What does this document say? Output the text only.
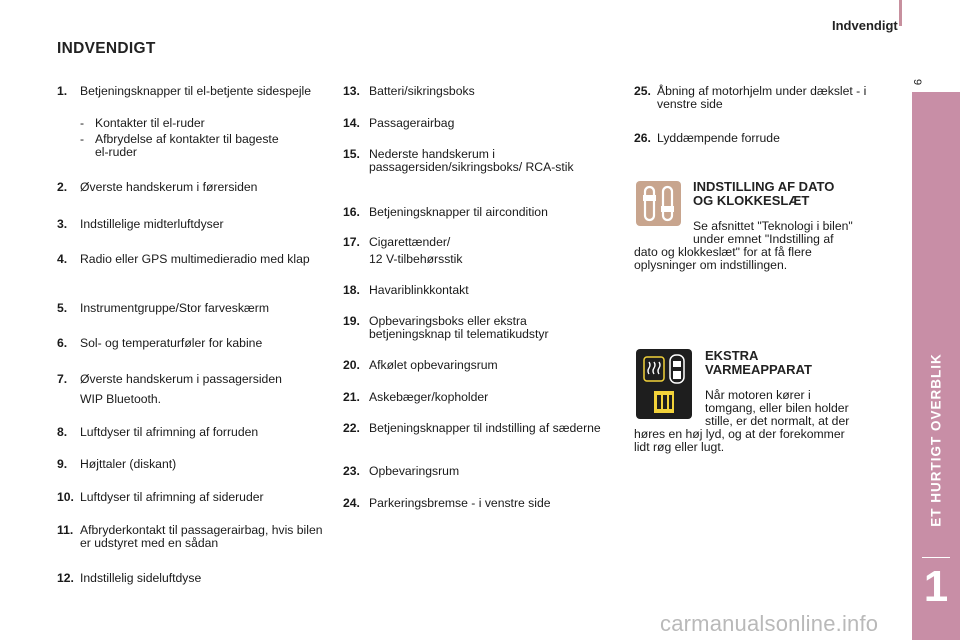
Indvendigt
9
ET HURTIGT OVERBLIK
1
INDVENDIGT
1. Betjeningsknapper til el-betjente sidespejle
- Kontakter til el-ruder
- Afbrydelse af kontakter til bageste el-ruder
2. Øverste handskerum i førersiden
3. Indstillelige midterluftdyser
4. Radio eller GPS multimedieradio med klap
5. Instrumentgruppe/Stor farveskærm
6. Sol- og temperaturføler for kabine
7. Øverste handskerum i passagersiden
WIP Bluetooth.
8. Luftdyser til afrimning af forruden
9. Højttaler (diskant)
10. Luftdyser til afrimning af sideruder
11. Afbryderkontakt til passagerairbag, hvis bilen er udstyret med en sådan
12. Indstillelig sideluftdyse
13. Batteri/sikringsboks
14. Passagerairbag
15. Nederste handskerum i passagersiden/sikringsboks/ RCA-stik
16. Betjeningsknapper til aircondition
17. Cigarettænder/
12 V-tilbehørsstik
18. Havariblinkkontakt
19. Opbevaringsboks eller ekstra betjeningsknap til telematikudstyr
20. Afkølet opbevaringsrum
21. Askebæger/kopholder
22. Betjeningsknapper til indstilling af sæderne
23. Opbevaringsrum
24. Parkeringsbremse - i venstre side
25. Åbning af motorhjelm under dækslet - i venstre side
26. Lyddæmpende forrude
INDSTILLING AF DATO
OG KLOKKESLÆT
Se afsnittet "Teknologi i bilen"
under emnet "Indstilling af
dato og klokkeslæt" for at få flere
oplysninger om indstillingen.
EKSTRA
VARMEAPPARAT
Når motoren kører i
tomgang, eller bilen holder
stille, er det normalt, at der
høres en høj lyd, og at der forekommer
lidt røg eller lugt.
carmanualsonline.info
